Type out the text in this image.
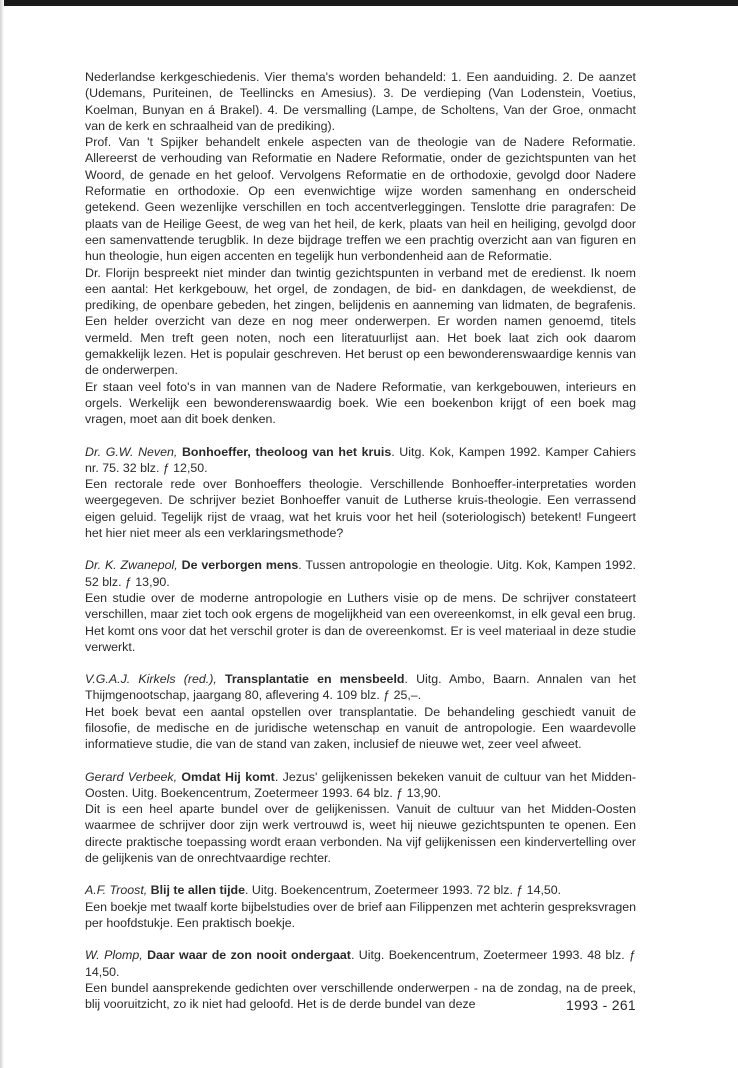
Nederlandse kerkgeschiedenis. Vier thema's worden behandeld: 1. Een aanduiding. 2. De aanzet (Udemans, Puriteinen, de Teellincks en Amesius). 3. De verdieping (Van Lodenstein, Voetius, Koelman, Bunyan en á Brakel). 4. De versmalling (Lampe, de Scholtens, Van der Groe, onmacht van de kerk en schraalheid van de prediking).

Prof. Van 't Spijker behandelt enkele aspecten van de theologie van de Nadere Reformatie. Allereerst de verhouding van Reformatie en Nadere Reformatie, onder de gezichtspunten van het Woord, de genade en het geloof. Vervolgens Reformatie en de orthodoxie, gevolgd door Nadere Reformatie en orthodoxie. Op een evenwichtige wijze worden samenhang en onderscheid getekend. Geen wezenlijke verschillen en toch accentverleggingen. Tenslotte drie paragrafen: De plaats van de Heilige Geest, de weg van het heil, de kerk, plaats van heil en heiliging, gevolgd door een samenvattende terugblik. In deze bijdrage treffen we een prachtig overzicht aan van figuren en hun theologie, hun eigen accenten en tegelijk hun verbondenheid aan de Reformatie.

Dr. Florijn bespreekt niet minder dan twintig gezichtspunten in verband met de eredienst. Ik noem een aantal: Het kerkgebouw, het orgel, de zondagen, de bid- en dankdagen, de weekdienst, de prediking, de openbare gebeden, het zingen, belijdenis en aanneming van lidmaten, de begrafenis. Een helder overzicht van deze en nog meer onderwerpen. Er worden namen genoemd, titels vermeld. Men treft geen noten, noch een literatuurlijst aan. Het boek laat zich ook daarom gemakkelijk lezen. Het is populair geschreven. Het berust op een bewonderenswaardige kennis van de onderwerpen.

Er staan veel foto's in van mannen van de Nadere Reformatie, van kerkgebouwen, interieurs en orgels. Werkelijk een bewonderenswaardig boek. Wie een boekenbon krijgt of een boek mag vragen, moet aan dit boek denken.

Dr. G.W. Neven, Bonhoeffer, theoloog van het kruis. Uitg. Kok, Kampen 1992. Kamper Cahiers nr. 75. 32 blz. ƒ 12,50.

Een rectorale rede over Bonhoeffers theologie. Verschillende Bonhoeffer-interpretaties worden weergegeven. De schrijver beziet Bonhoeffer vanuit de Lutherse kruis-theologie. Een verrassend eigen geluid. Tegelijk rijst de vraag, wat het kruis voor het heil (soteriologisch) betekent! Fungeert het hier niet meer als een verklaringsmethode?

Dr. K. Zwanepol, De verborgen mens. Tussen antropologie en theologie. Uitg. Kok, Kampen 1992. 52 blz. ƒ 13,90.

Een studie over de moderne antropologie en Luthers visie op de mens. De schrijver constateert verschillen, maar ziet toch ook ergens de mogelijkheid van een overeenkomst, in elk geval een brug. Het komt ons voor dat het verschil groter is dan de overeenkomst. Er is veel materiaal in deze studie verwerkt.

V.G.A.J. Kirkels (red.), Transplantatie en mensbeeld. Uitg. Ambo, Baarn. Annalen van het Thijmgenootschap, jaargang 80, aflevering 4. 109 blz. ƒ 25,–.

Het boek bevat een aantal opstellen over transplantatie. De behandeling geschiedt vanuit de filosofie, de medische en de juridische wetenschap en vanuit de antropologie. Een waardevolle informatieve studie, die van de stand van zaken, inclusief de nieuwe wet, zeer veel afweet.

Gerard Verbeek, Omdat Hij komt. Jezus' gelijkenissen bekeken vanuit de cultuur van het Midden-Oosten. Uitg. Boekencentrum, Zoetermeer 1993. 64 blz. ƒ 13,90.

Dit is een heel aparte bundel over de gelijkenissen. Vanuit de cultuur van het Midden-Oosten waarmee de schrijver door zijn werk vertrouwd is, weet hij nieuwe gezichtspunten te openen. Een directe praktische toepassing wordt eraan verbonden. Na vijf gelijkenissen een kindervertelling over de gelijkenis van de onrechtvaardige rechter.

A.F. Troost, Blij te allen tijde. Uitg. Boekencentrum, Zoetermeer 1993. 72 blz. ƒ 14,50.

Een boekje met twaalf korte bijbelstudies over de brief aan Filippenzen met achterin gespreksvragen per hoofdstukje. Een praktisch boekje.

W. Plomp, Daar waar de zon nooit ondergaat. Uitg. Boekencentrum, Zoetermeer 1993. 48 blz. ƒ 14,50.

Een bundel aansprekende gedichten over verschillende onderwerpen - na de zondag, na de preek, blij vooruitzicht, zo ik niet had geloofd. Het is de derde bundel van deze	1993 - 261
